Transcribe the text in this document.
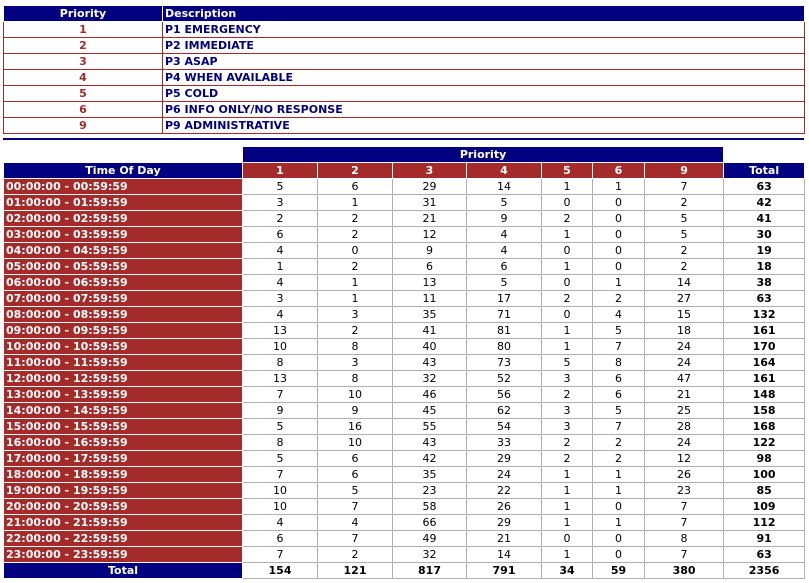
Priority	Description
1	P1 EMERGENCY
2	P2 IMMEDIATE
3	P3 ASAP
4	P4 WHEN AVAILABLE
5	P5 COLD
6	P6 INFO ONLY/NO RESPONSE
9	P9 ADMINISTRATIVE
	Priority							
Time Of Day	1	2	3	4	5	6	9	Total
00:00:00 - 00:59:59	5	6	29	14	1	1	7	63
01:00:00 - 01:59:59	3	1	31	5	0	0	2	42
02:00:00 - 02:59:59	2	2	21	9	2	0	5	41
03:00:00 - 03:59:59	6	2	12	4	1	0	5	30
04:00:00 - 04:59:59	4	0	9	4	0	0	2	19
05:00:00 - 05:59:59	1	2	6	6	1	0	2	18
06:00:00 - 06:59:59	4	1	13	5	0	1	14	38
07:00:00 - 07:59:59	3	1	11	17	2	2	27	63
08:00:00 - 08:59:59	4	3	35	71	0	4	15	132
09:00:00 - 09:59:59	13	2	41	81	1	5	18	161
10:00:00 - 10:59:59	10	8	40	80	1	7	24	170
11:00:00 - 11:59:59	8	3	43	73	5	8	24	164
12:00:00 - 12:59:59	13	8	32	52	3	6	47	161
13:00:00 - 13:59:59	7	10	46	56	2	6	21	148
14:00:00 - 14:59:59	9	9	45	62	3	5	25	158
15:00:00 - 15:59:59	5	16	55	54	3	7	28	168
16:00:00 - 16:59:59	8	10	43	33	2	2	24	122
17:00:00 - 17:59:59	5	6	42	29	2	2	12	98
18:00:00 - 18:59:59	7	6	35	24	1	1	26	100
19:00:00 - 19:59:59	10	5	23	22	1	1	23	85
20:00:00 - 20:59:59	10	7	58	26	1	0	7	109
21:00:00 - 21:59:59	4	4	66	29	1	1	7	112
22:00:00 - 22:59:59	6	7	49	21	0	0	8	91
23:00:00 - 23:59:59	7	2	32	14	1	0	7	63
Total	154	121	817	791	34	59	380	2356
